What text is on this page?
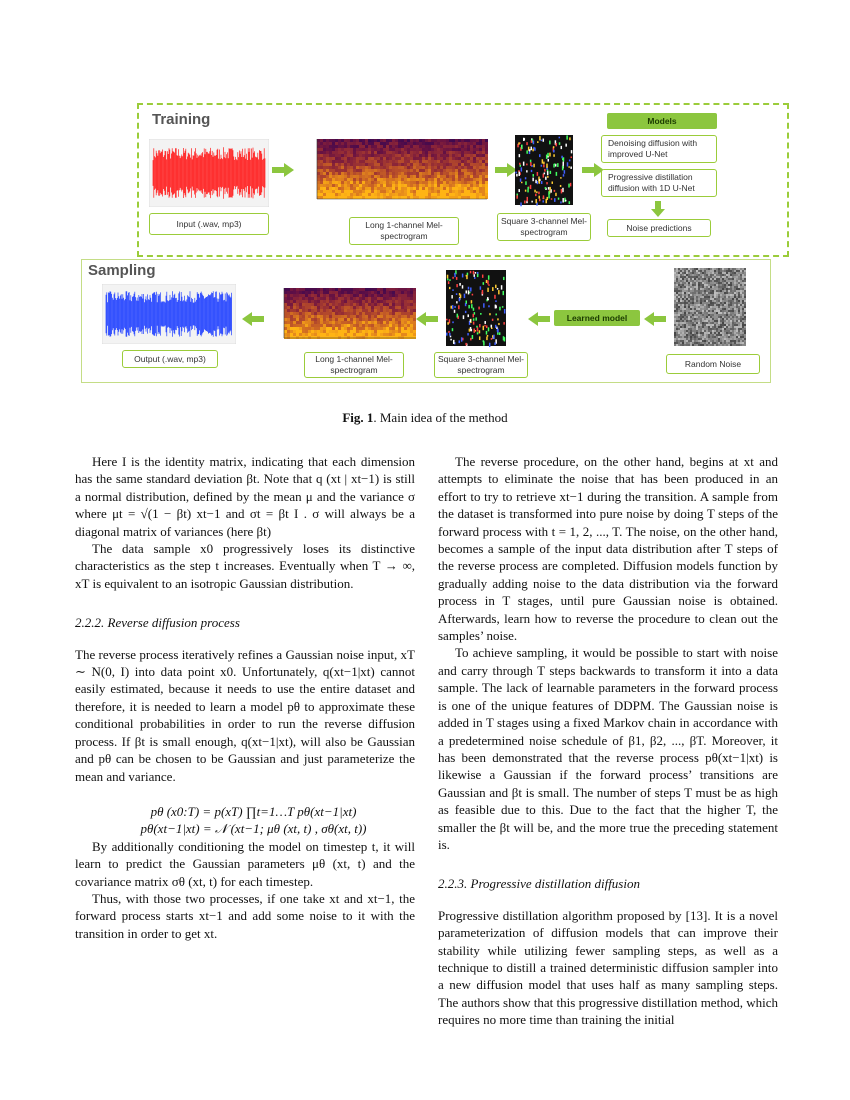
Training
Input (.wav, mp3)	Long 1-channel Mel-spectrogram
Square 3-channel Mel-spectrogram
Models
Denoising diffusion with improved U-Net
Progressive distillation diffusion with 1D U-Net
Noise predictions
Sampling
Learned model
Output (.wav, mp3)	Long 1-channel Mel-spectrogram
Square 3-channel Mel-spectrogram
Random Noise
Fig. 1. Main idea of the method

Here I is the identity matrix, indicating that each dimension has the same standard deviation βt. Note that q (xt | xt−1) is still a normal distribution, defined by the mean μ and the variance σ where μt = √(1 − βt) xt−1 and σt = βt I . σ will always be a diagonal matrix of variances (here βt)

The data sample x0 progressively loses its distinctive characteristics as the step t increases. Eventually when T → ∞, xT is equivalent to an isotropic Gaussian distribution.

2.2.2. Reverse diffusion process

The reverse process iteratively refines a Gaussian noise input, xT ∼ N(0, I) into data point x0. Unfortunately, q(xt−1|xt) cannot easily estimated, because it needs to use the entire dataset and therefore, it is needed to learn a model pθ to approximate these conditional probabilities in order to run the reverse diffusion process. If βt is small enough, q(xt−1|xt), will also be Gaussian and pθ can be chosen to be Gaussian and just parameterize the mean and variance.

pθ (x0:T) = p(xT) ∏t=1…T pθ(xt−1|xt)

pθ(xt−1|xt) = 𝒩 (xt−1; μθ (xt, t) , σθ(xt, t))

By additionally conditioning the model on timestep t, it will learn to predict the Gaussian parameters μθ (xt, t) and the covariance matrix σθ (xt, t) for each timestep.

Thus, with those two processes, if one take xt and xt−1, the forward process starts xt−1 and add some noise to it with the transition in order to get xt.

The reverse procedure, on the other hand, begins at xt and attempts to eliminate the noise that has been produced in an effort to try to retrieve xt−1 during the transition. A sample from the dataset is transformed into pure noise by doing T steps of the forward process with t = 1, 2, ..., T. The noise, on the other hand, becomes a sample of the input data distribution after T steps of the reverse process are completed. Diffusion models function by gradually adding noise to the data distribution via the forward process in T stages, until pure Gaussian noise is obtained. Afterwards, learn how to reverse the procedure to clean out the samples’ noise.

To achieve sampling, it would be possible to start with noise and carry through T steps backwards to transform it into a data sample. The lack of learnable parameters in the forward process is one of the unique features of DDPM. The Gaussian noise is added in T stages using a fixed Markov chain in accordance with a predetermined noise schedule of β1, β2, ..., βT. Moreover, it has been demonstrated that the reverse process pθ(xt−1|xt) is likewise a Gaussian if the forward process’ transitions are Gaussian and βt is small. The number of steps T must be as high as feasible due to this. Due to the fact that the higher T, the smaller the βt will be, and the more true the preceding statement is.

2.2.3. Progressive distillation diffusion

Progressive distillation algorithm proposed by [13]. It is a novel parameterization of diffusion models that can improve their stability while utilizing fewer sampling steps, as well as a technique to distill a trained deterministic diffusion sampler into a new diffusion model that uses half as many sampling steps. The authors show that this progressive distillation method, which requires no more time than training the initial
